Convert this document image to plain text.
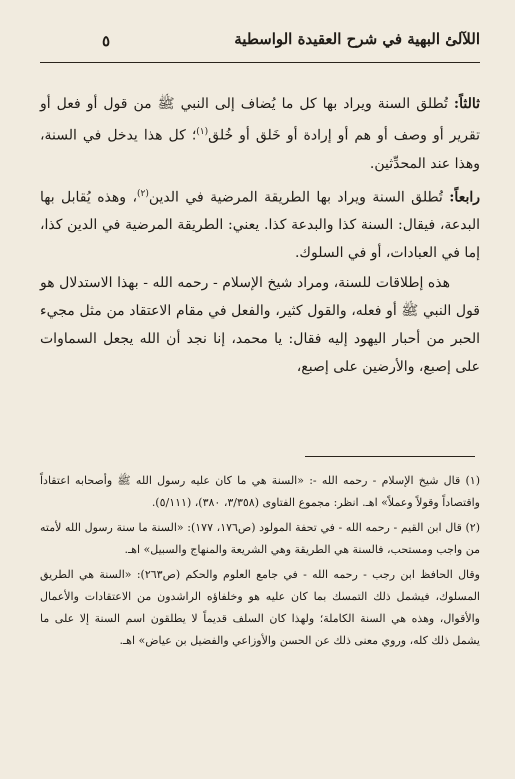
اللآلئ البهية في شرح العقيدة الواسطية
٥

ثالثاً: تُطلق السنة ويراد بها كل ما يُضاف إلى النبي ﷺ من قول أو فعل أو تقرير أو وصف أو هم أو إرادة أو خَلق أو خُلق$^{(١)}$؛ كل هذا يدخل في السنة، وهذا عند المحدِّثين.

رابعاً: تُطلق السنة ويراد بها الطريقة المرضية في الدين$^{(٢)}$، وهذه يُقابل بها البدعة، فيقال: السنة كذا والبدعة كذا. يعني: الطريقة المرضية في الدين كذا، إما في العبادات، أو في السلوك.

هذه إطلاقات للسنة، ومراد شيخ الإسلام - رحمه الله - بهذا الاستدلال هو قول النبي ﷺ أو فعله، والقول كثير، والفعل في مقام الاعتقاد من مثل مجيء الحبر من أحبار اليهود إليه فقال: يا محمد، إنا نجد أن الله يجعل السماوات على إصبع، والأرضين على إصبع،

(١) قال شيخ الإسلام - رحمه الله -: «السنة هي ما كان عليه رسول الله ﷺ وأصحابه اعتقاداً واقتصاداً وقولاً وعملاً» اهـ. انظر: مجموع الفتاوى (٣/٣٥٨، ٣٨٠)، (٥/١١١).

(٢) قال ابن القيم - رحمه الله - في تحفة المولود (ص١٧٦، ١٧٧): «السنة ما سنة رسول الله لأمته من واجب ومستحب، فالسنة هي الطريقة وهي الشريعة والمنهاج والسبيل» اهـ.

وقال الحافظ ابن رجب - رحمه الله - في جامع العلوم والحكم (ص٢٦٣): «السنة هي الطريق المسلوك، فيشمل ذلك التمسك بما كان عليه هو وخلفاؤه الراشدون من الاعتقادات والأعمال والأقوال، وهذه هي السنة الكاملة؛ ولهذا كان السلف قديماً لا يطلقون اسم السنة إلا على ما يشمل ذلك كله، وروي معنى ذلك عن الحسن والأوزاعي والفضيل بن عياض» اهـ.
